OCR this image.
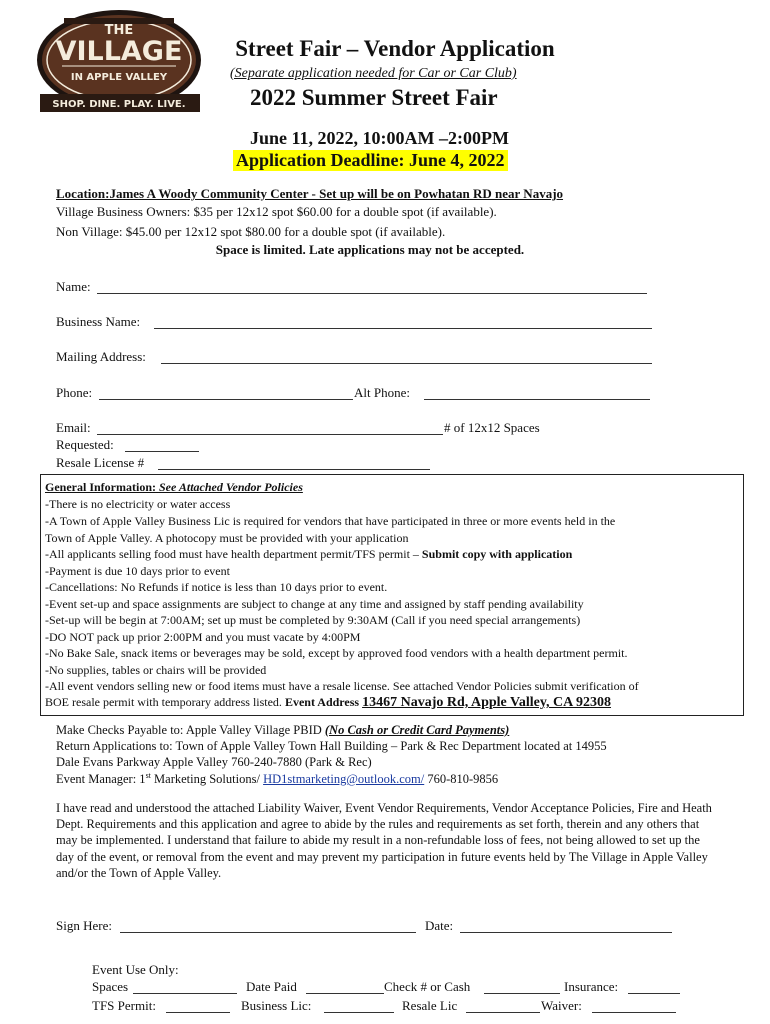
THE
VILLAGE
IN APPLE VALLEY
SHOP. DINE. PLAY. LIVE.
Street Fair – Vendor Application
(Separate application needed for Car or Car Club)
2022 Summer Street Fair
June 11, 2022, 10:00AM –2:00PM
Application Deadline: June 4, 2022
Location:James A Woody Community Center - Set up will be on Powhatan RD near Navajo
Village Business Owners: $35 per 12x12 spot $60.00 for a double spot (if available).
Non Village: $45.00 per 12x12 spot $80.00 for a double spot (if available).
Space is limited. Late applications may not be accepted.
Name:
Business Name:
Mailing Address:
Phone:	Alt Phone:
Email:	# of 12x12 Spaces
Requested:
Resale License #
General Information: See Attached Vendor Policies
-There is no electricity or water access
-A Town of Apple Valley Business Lic is required for vendors that have participated in three or more events held in the
Town of Apple Valley. A photocopy must be provided with your application
-All applicants selling food must have health department permit/TFS permit – Submit copy with application
-Payment is due 10 days prior to event
-Cancellations: No Refunds if notice is less than 10 days prior to event.
-Event set-up and space assignments are subject to change at any time and assigned by staff pending availability
-Set-up will be begin at 7:00AM; set up must be completed by 9:30AM (Call if you need special arrangements)
-DO NOT pack up prior 2:00PM and you must vacate by 4:00PM
-No Bake Sale, snack items or beverages may be sold, except by approved food vendors with a health department permit.
-No supplies, tables or chairs will be provided
-All event vendors selling new or food items must have a resale license. See attached Vendor Policies submit verification of
BOE resale permit with temporary address listed. Event Address 13467 Navajo Rd, Apple Valley, CA 92308
Make Checks Payable to: Apple Valley Village PBID (No Cash or Credit Card Payments)
Return Applications to: Town of Apple Valley Town Hall Building – Park & Rec Department located at 14955
Dale Evans Parkway Apple Valley 760-240-7880 (Park & Rec)
Event Manager: 1st Marketing Solutions/ HD1stmarketing@outlook.com/ 760-810-9856
I have read and understood the attached Liability Waiver, Event Vendor Requirements, Vendor Acceptance Policies, Fire and Heath Dept. Requirements and this application and agree to abide by the rules and requirements as set forth, therein and any others that may be implemented. I understand that failure to abide my result in a non-refundable loss of fees, not being allowed to set up the day of the event, or removal from the event and may prevent my participation in future events held by The Village in Apple Valley and/or the Town of Apple Valley.
Sign Here:	Date:
Event Use Only:
Spaces	Date Paid	Check # or Cash	Insurance:
TFS Permit:	Business Lic:	Resale Lic	Waiver:
